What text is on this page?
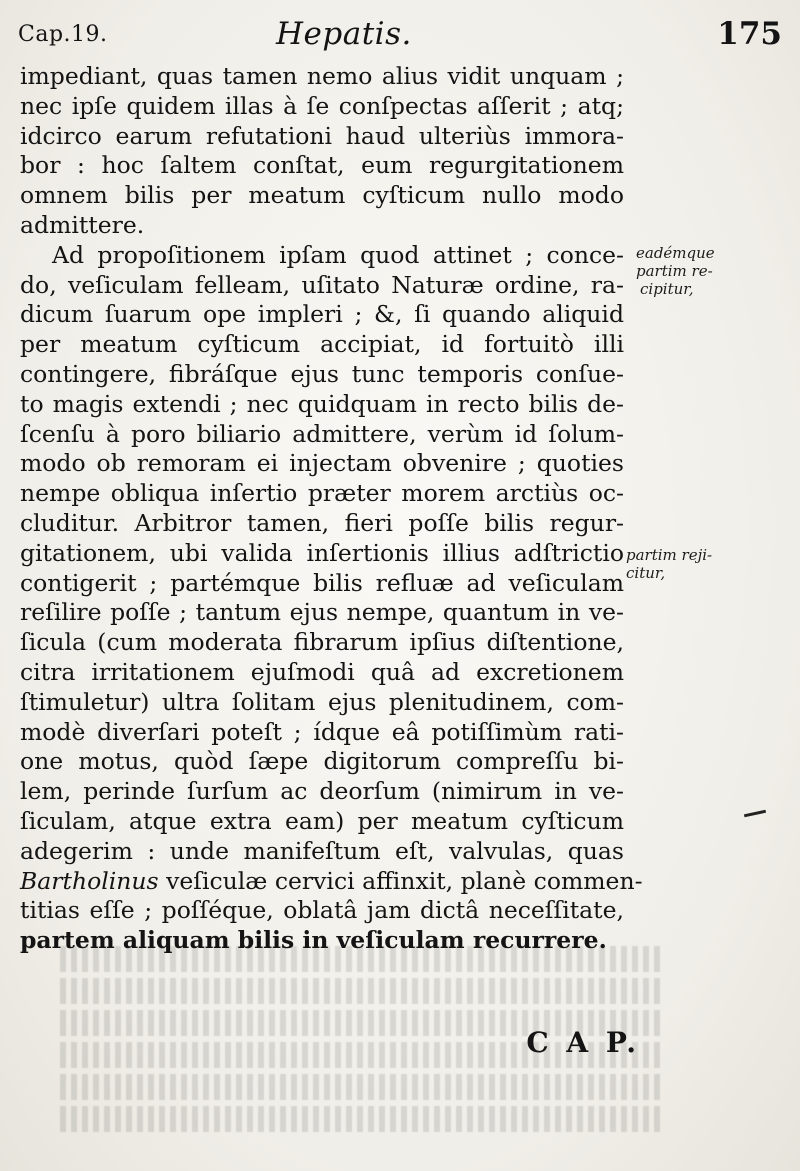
Cap.19.	Hepatis.	175
impediant, quas tamen nemo alius vidit unquam ;
nec ipſe quidem illas à ſe conſpectas aſſerit ; atq;
idcirco earum refutationi haud ulteriùs immora-
bor : hoc ſaltem conſtat, eum regurgitationem
omnem bilis per meatum cyſticum nullo modo
admittere.
Ad propoſitionem ipſam quod attinet ; conce-
do, veſiculam felleam, uſitato Naturæ ordine, ra-
dicum ſuarum ope impleri ; &, ſi quando aliquid
per meatum cyſticum accipiat, id fortuitò illi
contingere, fibráſque ejus tunc temporis conſue-
to magis extendi ; nec quidquam in recto bilis de-
ſcenſu à poro biliario admittere, verùm id ſolum-
modo ob remoram ei injectam obvenire ; quoties
nempe obliqua inſertio præter morem arctiùs oc-
cluditur. Arbitror tamen, fieri poſſe bilis regur-
gitationem, ubi valida inſertionis illius adſtrictio
contigerit ; partémque bilis refluæ ad veſiculam
reſilire poſſe ; tantum ejus nempe, quantum in ve-
ſicula (cum moderata fibrarum ipſius diſtentione,
citra irritationem ejuſmodi quâ ad excretionem
ſtimuletur) ultra ſolitam ejus plenitudinem, com-
modè diverſari poteſt ; ídque eâ potiſſimùm rati-
one motus, quòd ſæpe digitorum compreſſu bi-
lem, perinde ſurſum ac deorſum (nimirum in ve-
ſiculam, atque extra eam) per meatum cyſticum
adegerim : unde manifeſtum eſt, valvulas, quas
Bartholinus veſiculæ cervici affinxit, planè commen-
titias eſſe ; poſſéque, oblatâ jam dictâ neceſſitate,
partem aliquam bilis in veſiculam recurrere.
eadémque
partim re-
cipitur,
partim reji-
citur,
C A P.
